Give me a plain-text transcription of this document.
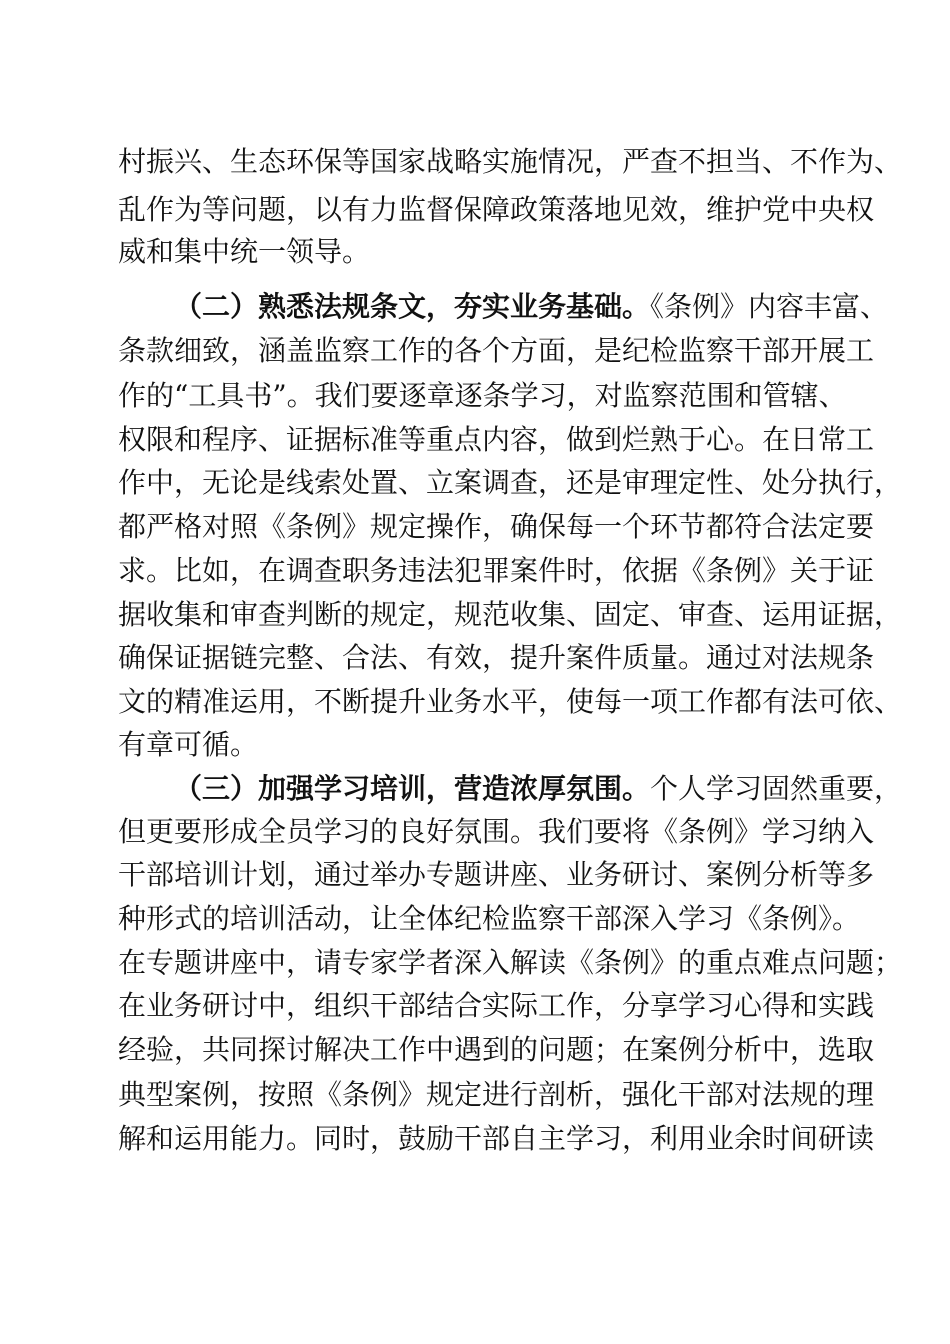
村振兴、生态环保等国家战略实施情况，严查不担当、不作为、
乱作为等问题，以有力监督保障政策落地见效，维护党中央权
威和集中统一领导。
（二）熟悉法规条文，夯实业务基础。《条例》内容丰富、
条款细致，涵盖监察工作的各个方面，是纪检监察干部开展工
作的“工具书”。我们要逐章逐条学习，对监察范围和管辖、
权限和程序、证据标准等重点内容，做到烂熟于心。在日常工
作中，无论是线索处置、立案调查，还是审理定性、处分执行，
都严格对照《条例》规定操作，确保每一个环节都符合法定要
求。比如，在调查职务违法犯罪案件时，依据《条例》关于证
据收集和审查判断的规定，规范收集、固定、审查、运用证据，
确保证据链完整、合法、有效，提升案件质量。通过对法规条
文的精准运用，不断提升业务水平，使每一项工作都有法可依、
有章可循。
（三）加强学习培训，营造浓厚氛围。个人学习固然重要，
但更要形成全员学习的良好氛围。我们要将《条例》学习纳入
干部培训计划，通过举办专题讲座、业务研讨、案例分析等多
种形式的培训活动，让全体纪检监察干部深入学习《条例》。
在专题讲座中，请专家学者深入解读《条例》的重点难点问题；
在业务研讨中，组织干部结合实际工作，分享学习心得和实践
经验，共同探讨解决工作中遇到的问题；在案例分析中，选取
典型案例，按照《条例》规定进行剖析，强化干部对法规的理
解和运用能力。同时，鼓励干部自主学习，利用业余时间研读
